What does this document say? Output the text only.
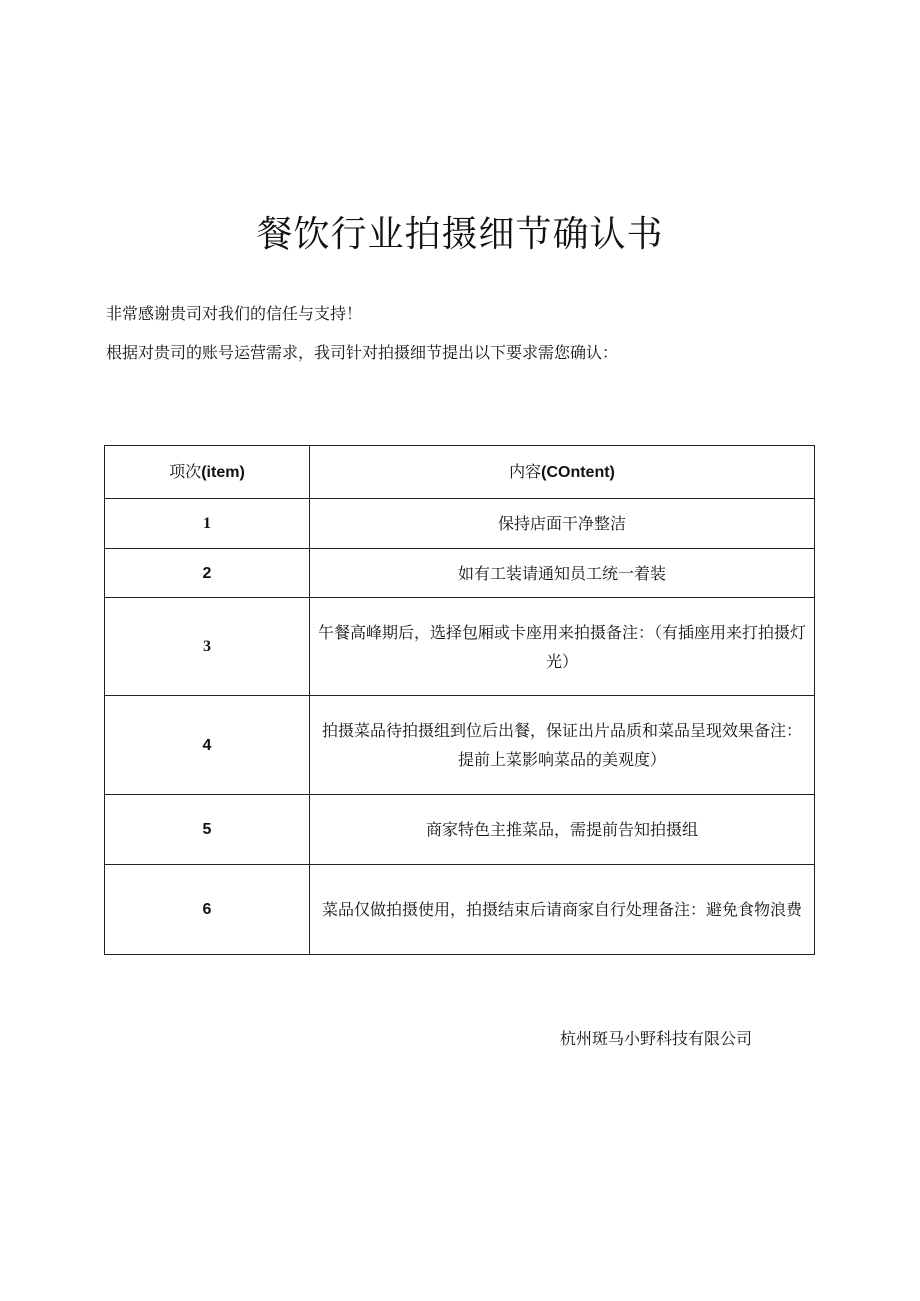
餐饮行业拍摄细节确认书
非常感谢贵司对我们的信任与支持！
根据对贵司的账号运营需求，我司针对拍摄细节提出以下要求需您确认：
项次(item)	内容(COntent)
1	保持店面干净整洁
2	如有工装请通知员工统一着装
3	午餐高峰期后，选择包厢或卡座用来拍摄备注：（有插座用来打拍摄灯光）
4	拍摄菜品待拍摄组到位后出餐，保证出片品质和菜品呈现效果备注：提前上菜影响菜品的美观度）
5	商家特色主推菜品，需提前告知拍摄组
6	菜品仅做拍摄使用，拍摄结束后请商家自行处理备注：避免食物浪费
杭州斑马小野科技有限公司
